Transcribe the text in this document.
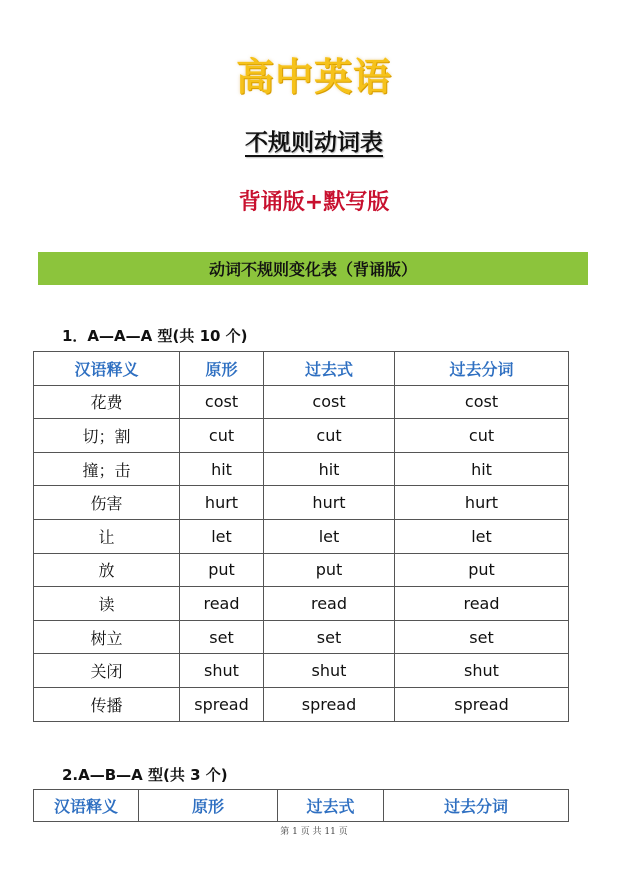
高中英语
不规则动词表
背诵版+默写版
动词不规则变化表（背诵版）
1．A—A—A 型(共 10 个)
汉语释义	原形	过去式	过去分词
花费	cost	cost	cost
切；割	cut	cut	cut
撞；击	hit	hit	hit
伤害	hurt	hurt	hurt
让	let	let	let
放	put	put	put
读	read	read	read
树立	set	set	set
关闭	shut	shut	shut
传播	spread	spread	spread
2.A—B—A 型(共 3 个)
汉语释义	原形	过去式	过去分词
第 1 页 共 11 页
